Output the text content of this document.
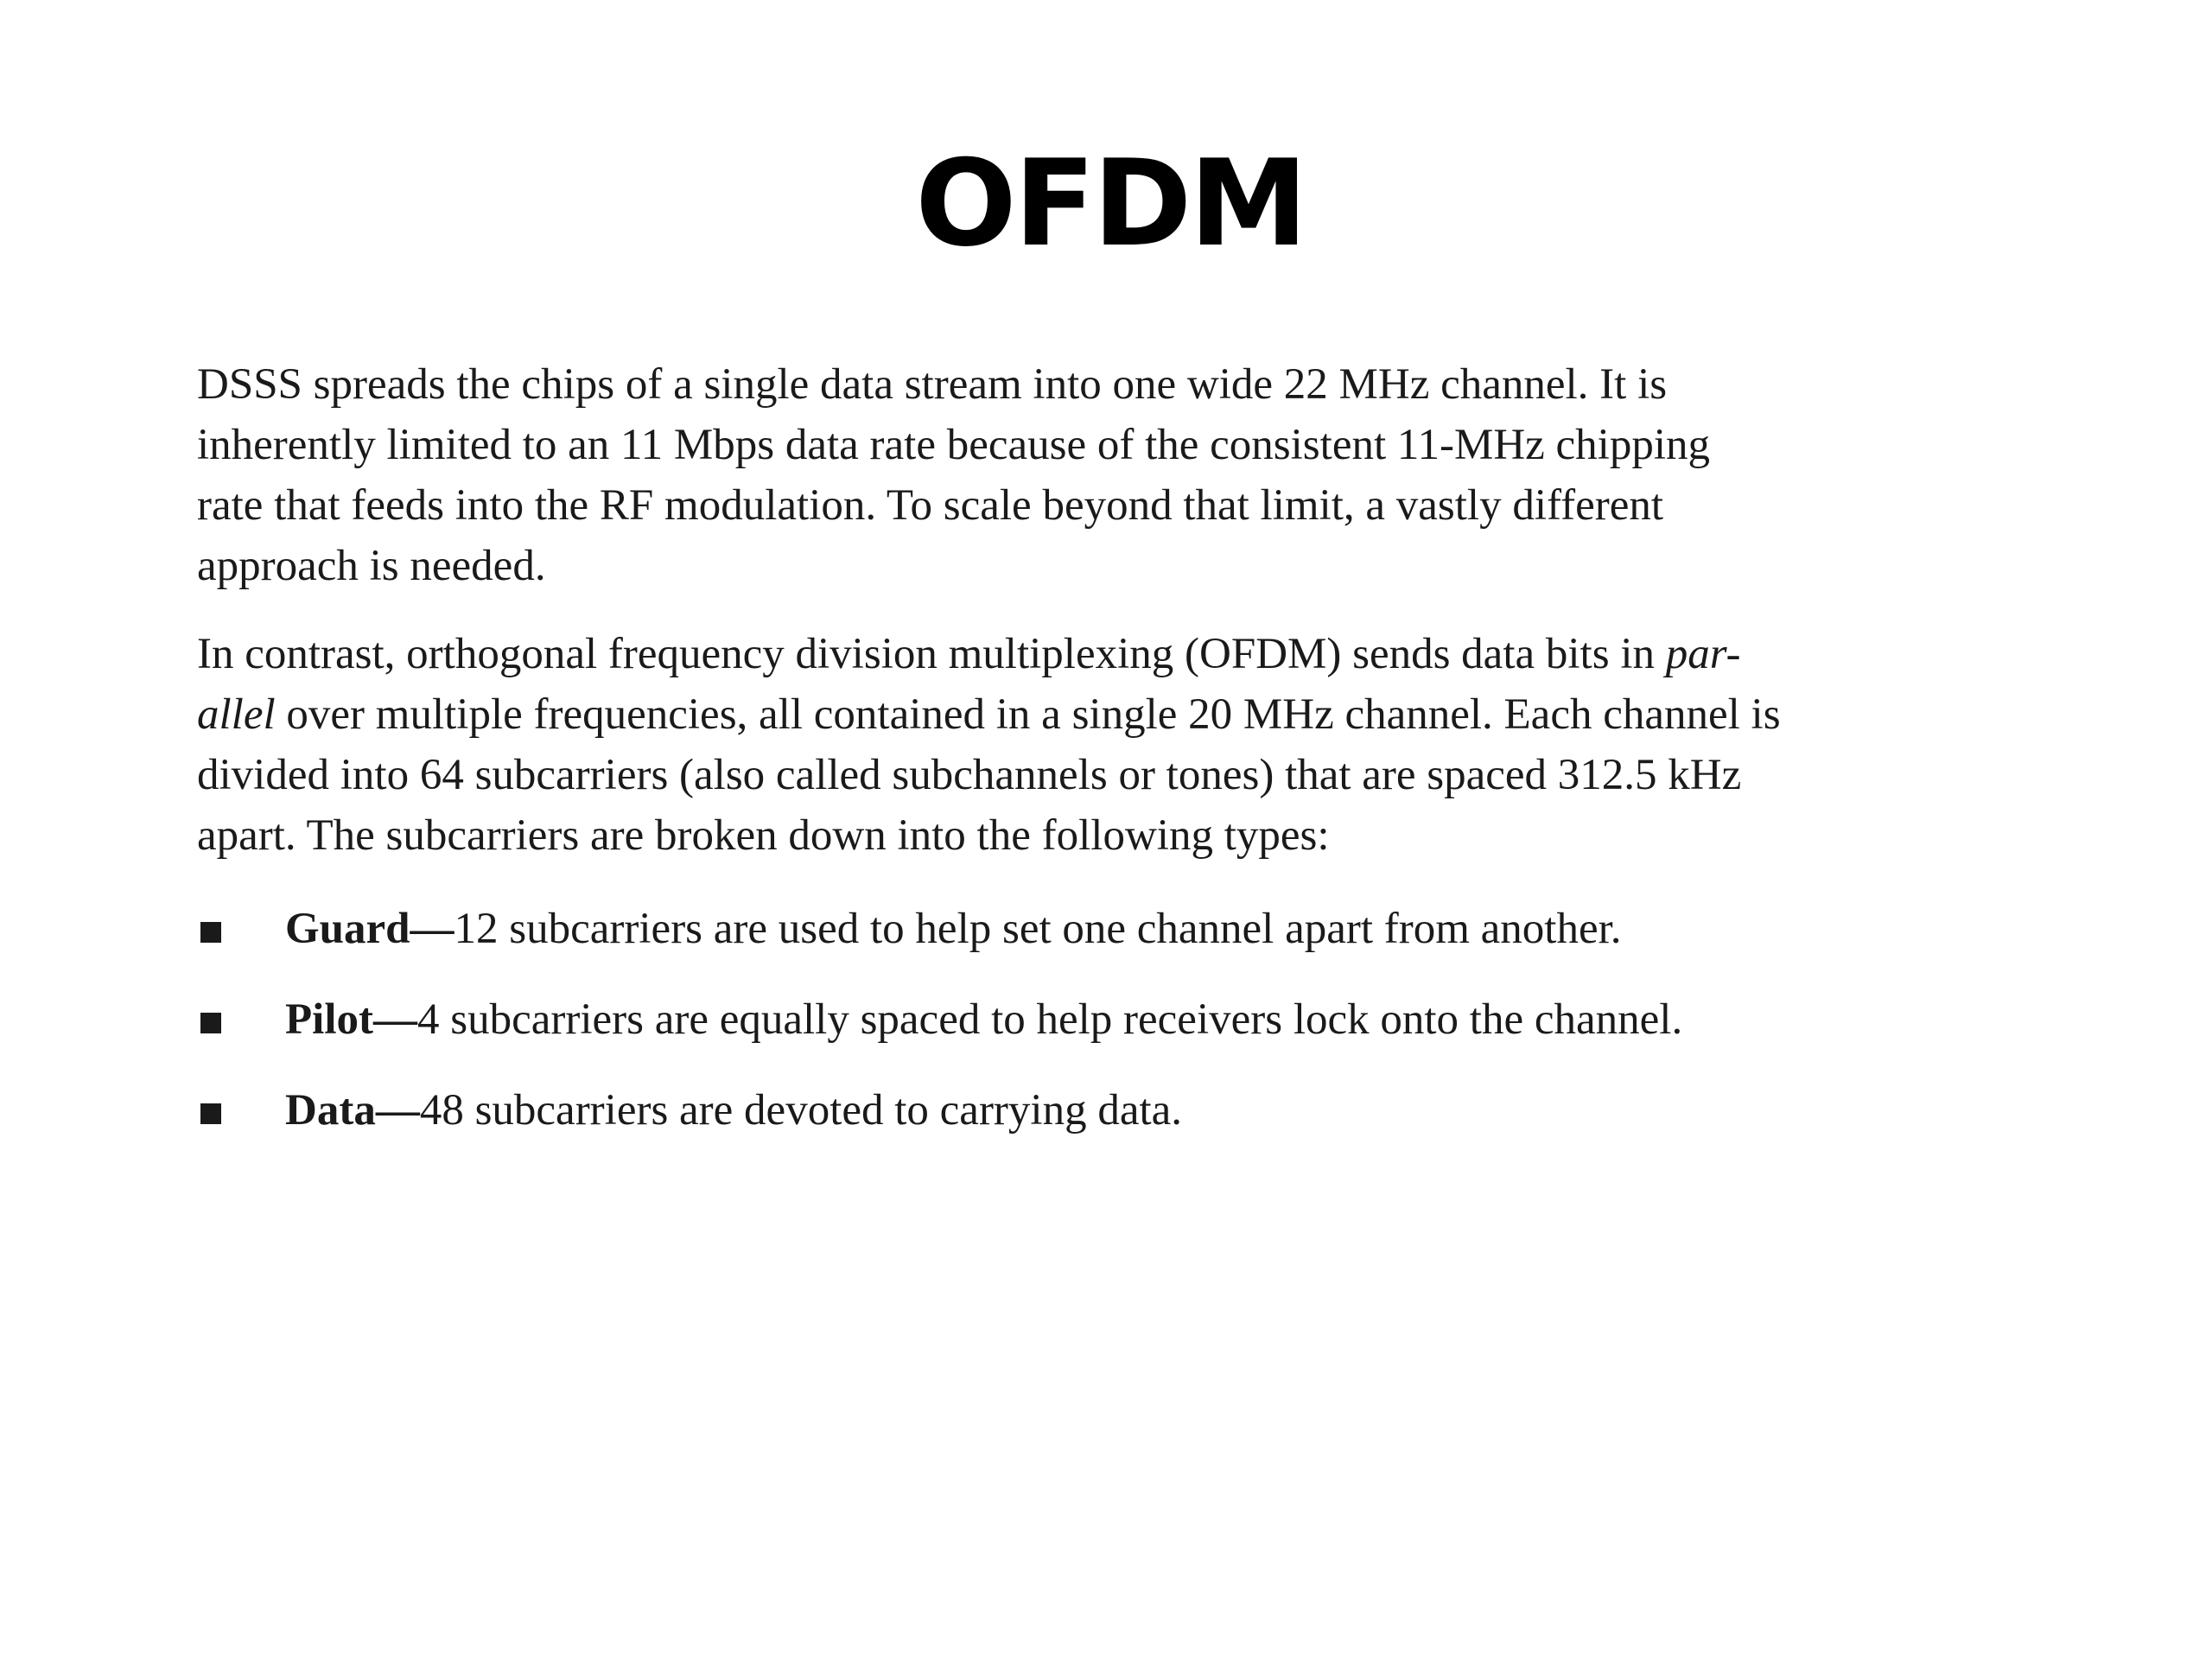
OFDM

DSSS spreads the chips of a single data stream into one wide 22 MHz channel. It is
inherently limited to an 11 Mbps data rate because of the consistent 11-MHz chipping
rate that feeds into the RF modulation. To scale beyond that limit, a vastly different
approach is needed.

In contrast, orthogonal frequency division multiplexing (OFDM) sends data bits in par-
allel over multiple frequencies, all contained in a single 20 MHz channel. Each channel is
divided into 64 subcarriers (also called subchannels or tones) that are spaced 312.5 kHz
apart. The subcarriers are broken down into the following types:

Guard—12 subcarriers are used to help set one channel apart from another.
Pilot—4 subcarriers are equally spaced to help receivers lock onto the channel.
Data—48 subcarriers are devoted to carrying data.
